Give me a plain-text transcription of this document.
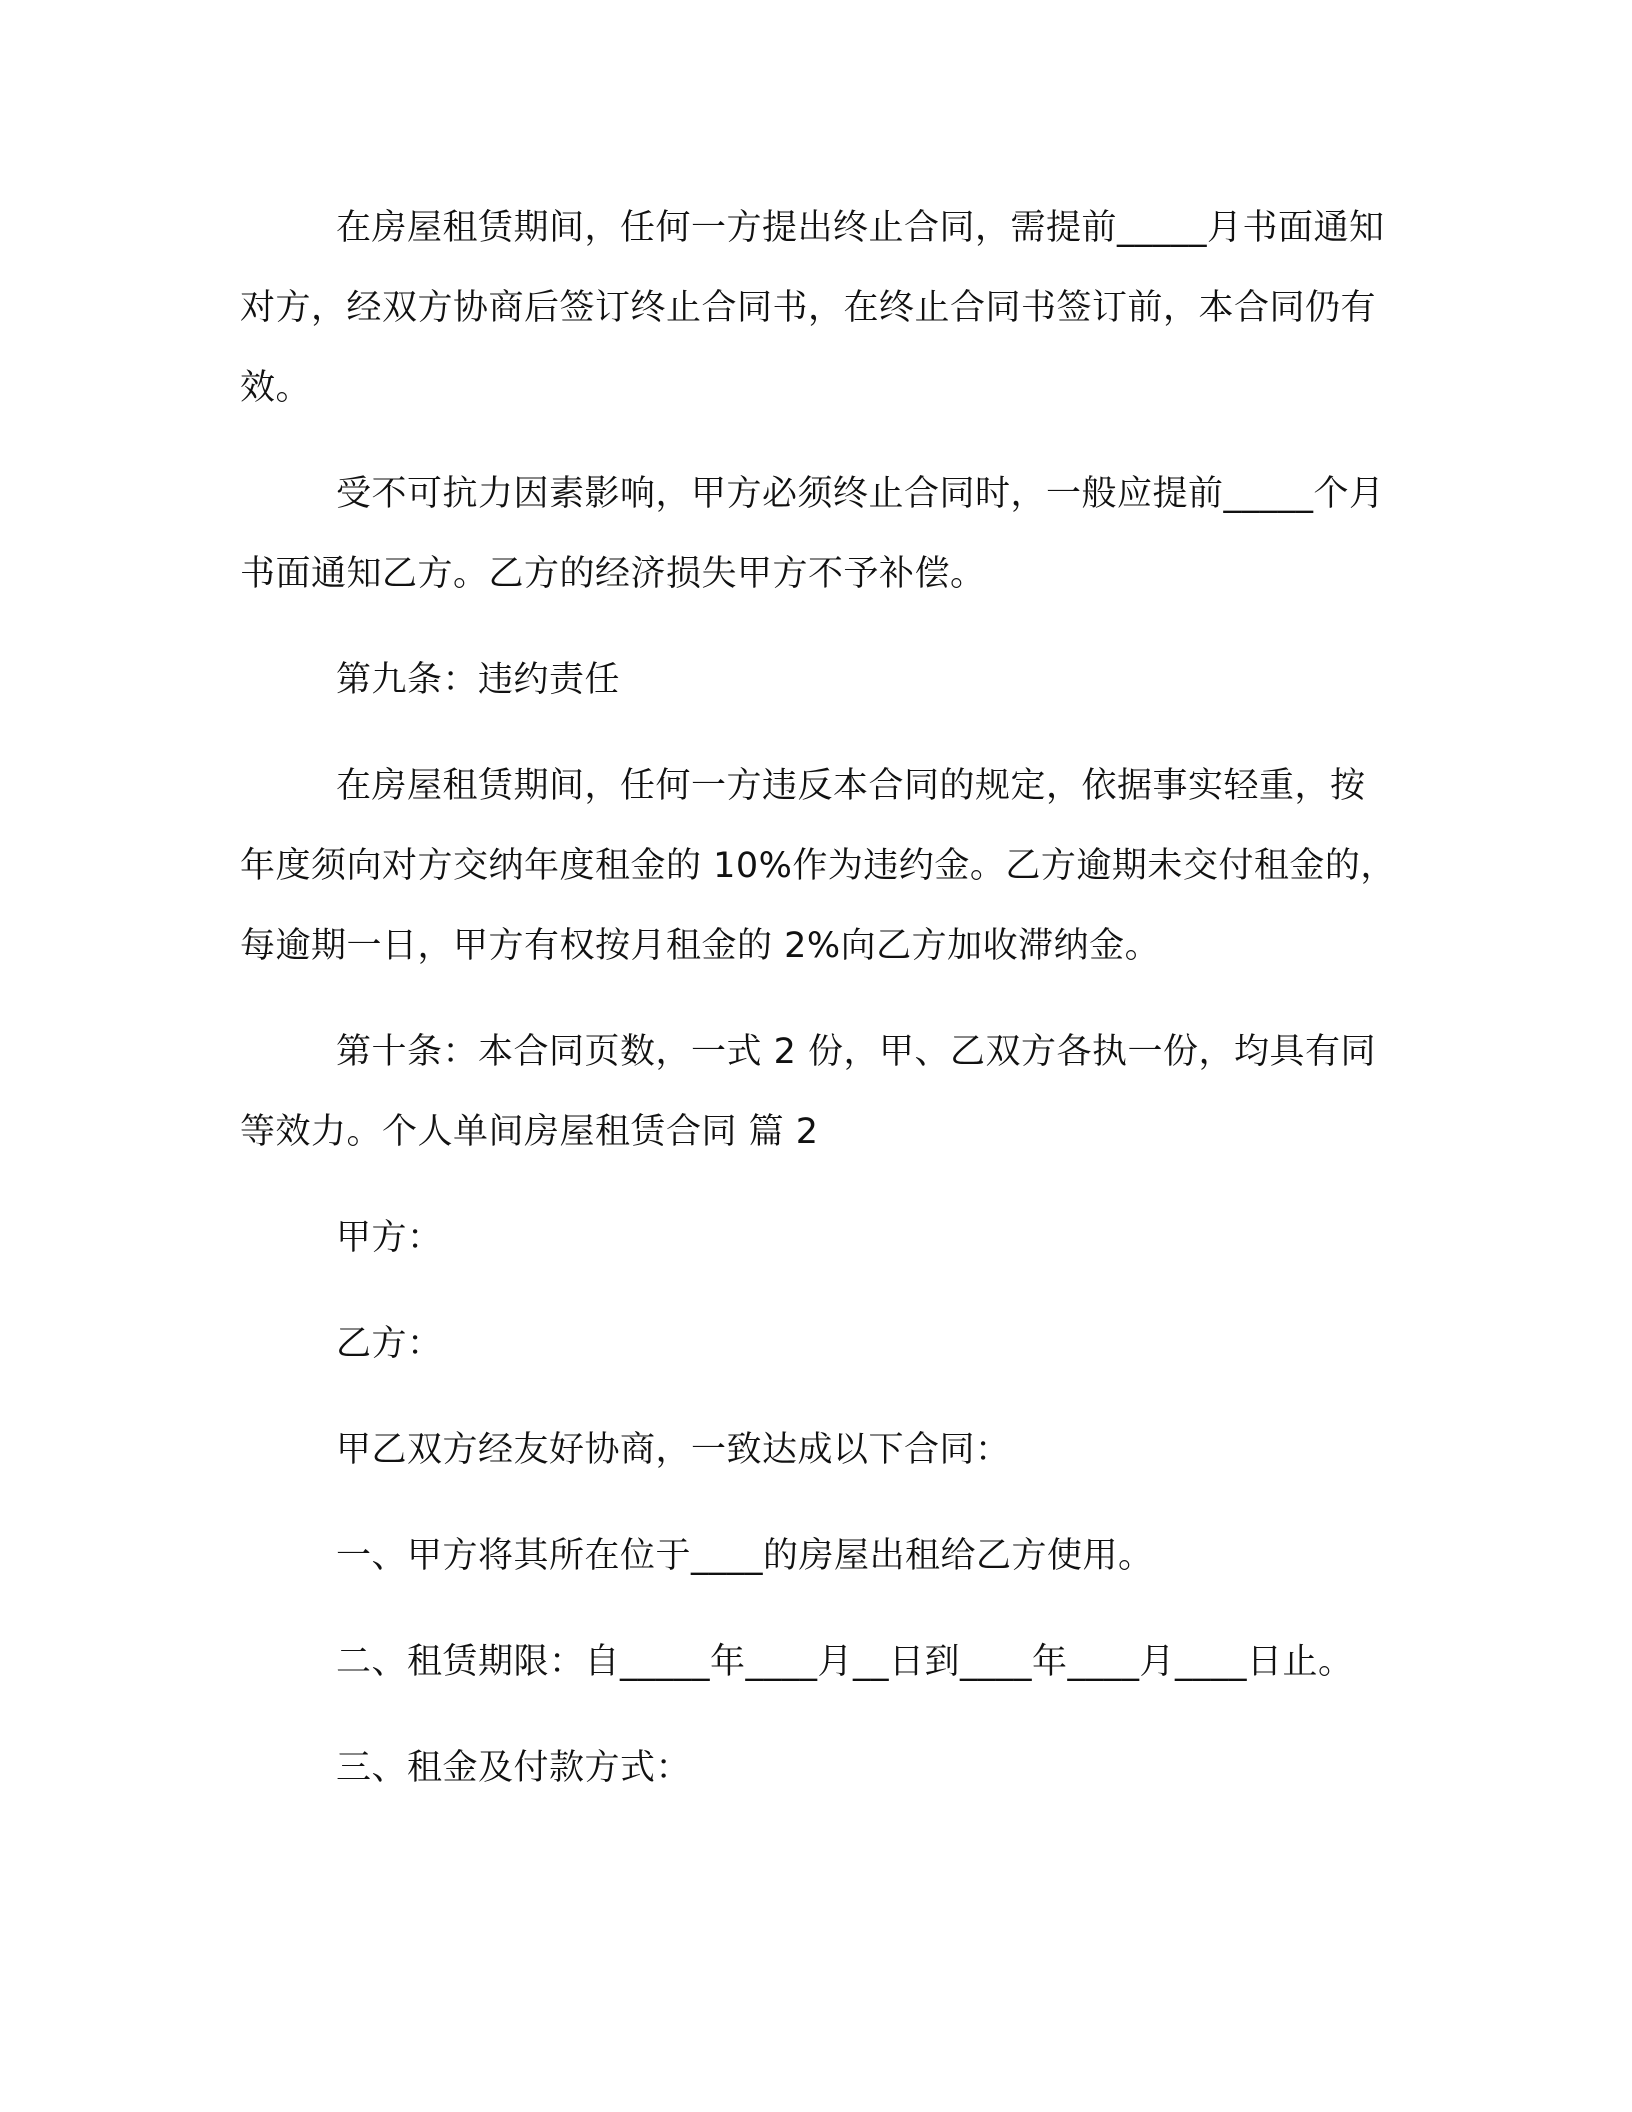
在房屋租赁期间，任何一方提出终止合同，需提前_____月书面通知对方，经双方协商后签订终止合同书，在终止合同书签订前，本合同仍有效。

受不可抗力因素影响，甲方必须终止合同时，一般应提前_____个月书面通知乙方。乙方的经济损失甲方不予补偿。

第九条：违约责任

在房屋租赁期间，任何一方违反本合同的规定，依据事实轻重，按年度须向对方交纳年度租金的 10%作为违约金。乙方逾期未交付租金的，每逾期一日，甲方有权按月租金的 2%向乙方加收滞纳金。

第十条：本合同页数，一式 2 份，甲、乙双方各执一份，均具有同等效力。个人单间房屋租赁合同 篇 2

甲方：

乙方：

甲乙双方经友好协商，一致达成以下合同：

一、甲方将其所在位于____的房屋出租给乙方使用。

二、租赁期限：自_____年____月__日到____年____月____日止。

三、租金及付款方式：
